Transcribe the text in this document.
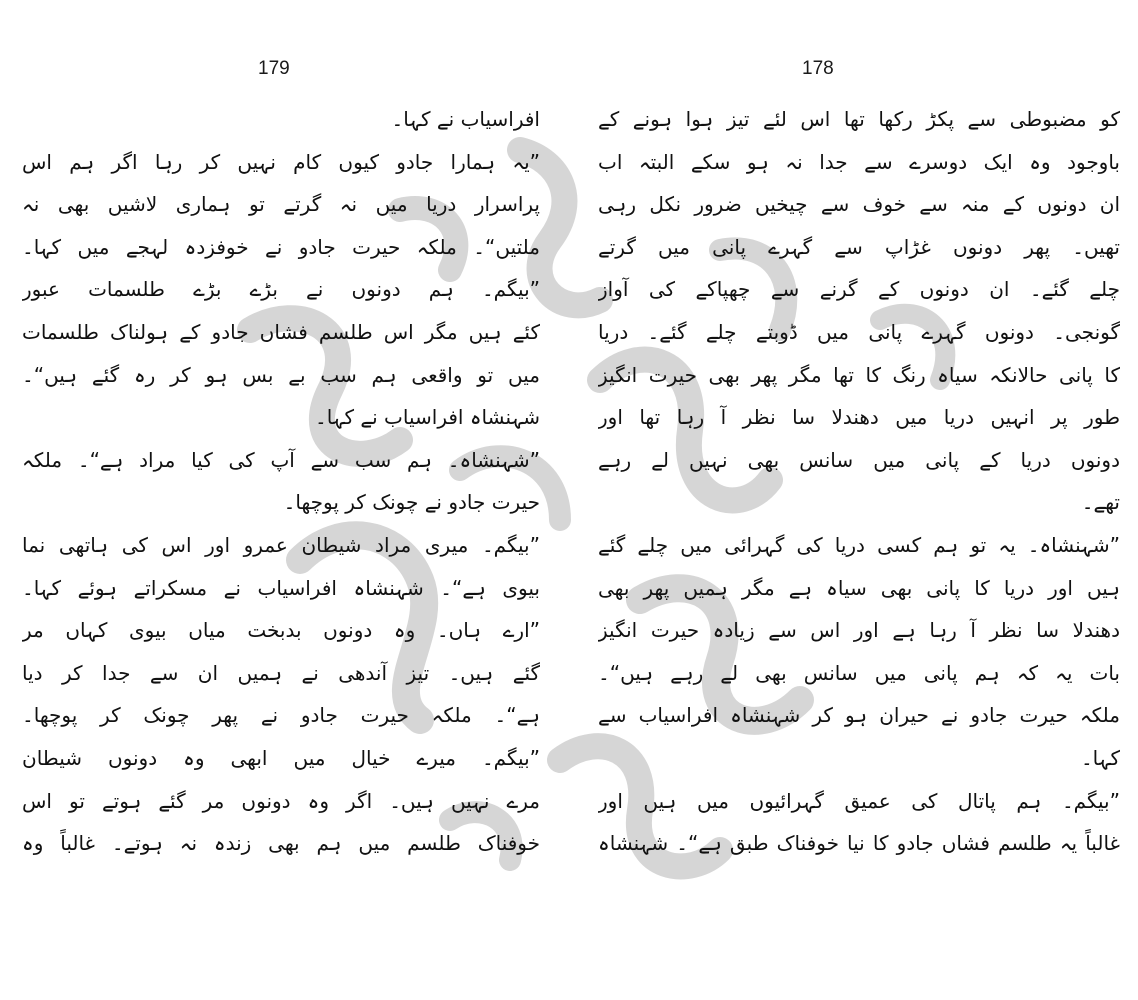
179
افراسیاب نے کہا۔
”یہ ہمارا جادو کیوں کام نہیں کر رہا اگر ہم اس
پراسرار دریا میں نہ گرتے تو ہماری لاشیں بھی نہ
ملتیں“۔ ملکہ حیرت جادو نے خوفزدہ لہجے میں کہا۔
”بیگم۔ ہم دونوں نے بڑے بڑے طلسمات عبور
کئے ہیں مگر اس طلسم فشاں جادو کے ہولناک طلسمات
میں تو واقعی ہم سب بے بس ہو کر رہ گئے ہیں“۔
شہنشاہ افراسیاب نے کہا۔
”شہنشاہ۔ ہم سب سے آپ کی کیا مراد ہے“۔ ملکہ
حیرت جادو نے چونک کر پوچھا۔
”بیگم۔ میری مراد شیطان عمرو اور اس کی ہاتھی نما
بیوی ہے“۔ شہنشاہ افراسیاب نے مسکراتے ہوئے کہا۔
”ارے ہاں۔ وہ دونوں بدبخت میاں بیوی کہاں مر
گئے ہیں۔ تیز آندھی نے ہمیں ان سے جدا کر دیا
ہے“۔ ملکہ حیرت جادو نے پھر چونک کر پوچھا۔
”بیگم۔ میرے خیال میں ابھی وہ دونوں شیطان
مرے نہیں ہیں۔ اگر وہ دونوں مر گئے ہوتے تو اس
خوفناک طلسم میں ہم بھی زندہ نہ ہوتے۔ غالباً وہ
178
کو مضبوطی سے پکڑ رکھا تھا اس لئے تیز ہوا ہونے کے
باوجود وہ ایک دوسرے سے جدا نہ ہو سکے البتہ اب
ان دونوں کے منہ سے خوف سے چیخیں ضرور نکل رہی
تھیں۔ پھر دونوں غڑاپ سے گہرے پانی میں گرتے
چلے گئے۔ ان دونوں کے گرنے سے چھپاکے کی آواز
گونجی۔ دونوں گہرے پانی میں ڈوبتے چلے گئے۔ دریا
کا پانی حالانکہ سیاہ رنگ کا تھا مگر پھر بھی حیرت انگیز
طور پر انہیں دریا میں دھندلا سا نظر آ رہا تھا اور
دونوں دریا کے پانی میں سانس بھی نہیں لے رہے
تھے۔
”شہنشاہ۔ یہ تو ہم کسی دریا کی گہرائی میں چلے گئے
ہیں اور دریا کا پانی بھی سیاہ ہے مگر ہمیں پھر بھی
دھندلا سا نظر آ رہا ہے اور اس سے زیادہ حیرت انگیز
بات یہ کہ ہم پانی میں سانس بھی لے رہے ہیں“۔
ملکہ حیرت جادو نے حیران ہو کر شہنشاہ افراسیاب سے
کہا۔
”بیگم۔ ہم پاتال کی عمیق گہرائیوں میں ہیں اور
غالباً یہ طلسم فشاں جادو کا نیا خوفناک طبق ہے“۔ شہنشاہ
